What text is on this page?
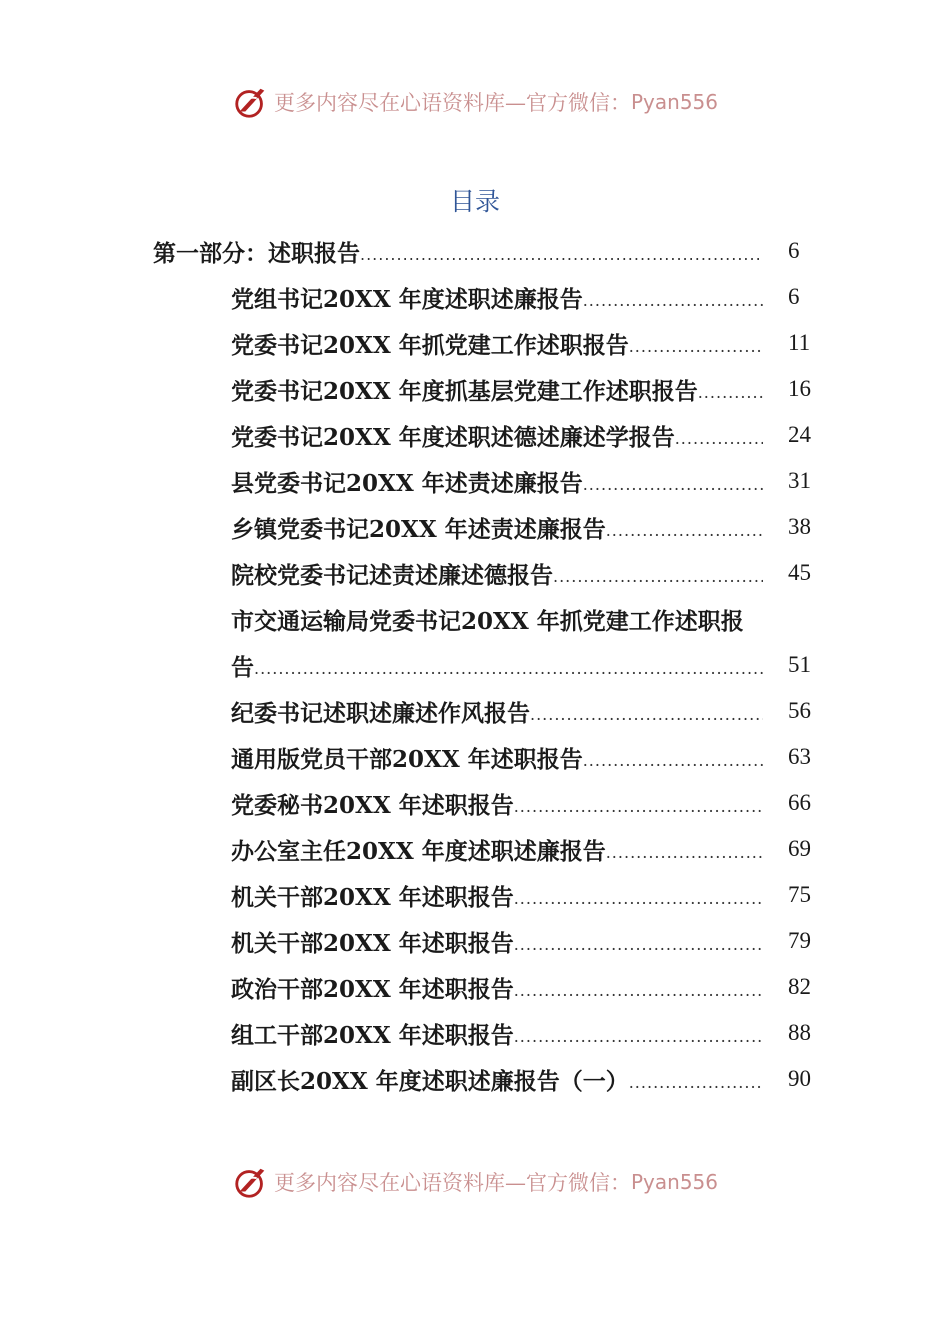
更多内容尽在心语资料库—官方微信： Pyan556
目录
第一部分：述职报告 .....	6
党组书记20XX 年度述职述廉报告 .....	6
党委书记20XX 年抓党建工作述职报告 .....	11
党委书记20XX 年度抓基层党建工作述职报告 .....	16
党委书记20XX 年度述职述德述廉述学报告 .....	24
县党委书记20XX 年述责述廉报告 .....	31
乡镇党委书记20XX 年述责述廉报告 .....	38
院校党委书记述责述廉述德报告 .....	45
市交通运输局党委书记20XX 年抓党建工作述职报
告 .....	51
纪委书记述职述廉述作风报告 .....	56
通用版党员干部20XX 年述职报告 .....	63
党委秘书20XX 年述职报告 .....	66
办公室主任20XX 年度述职述廉报告 .....	69
机关干部20XX 年述职报告 .....	75
机关干部20XX 年述职报告 .....	79
政治干部20XX 年述职报告 .....	82
组工干部20XX 年述职报告 .....	88
副区长20XX 年度述职述廉报告（一） .....	90
更多内容尽在心语资料库—官方微信： Pyan556
